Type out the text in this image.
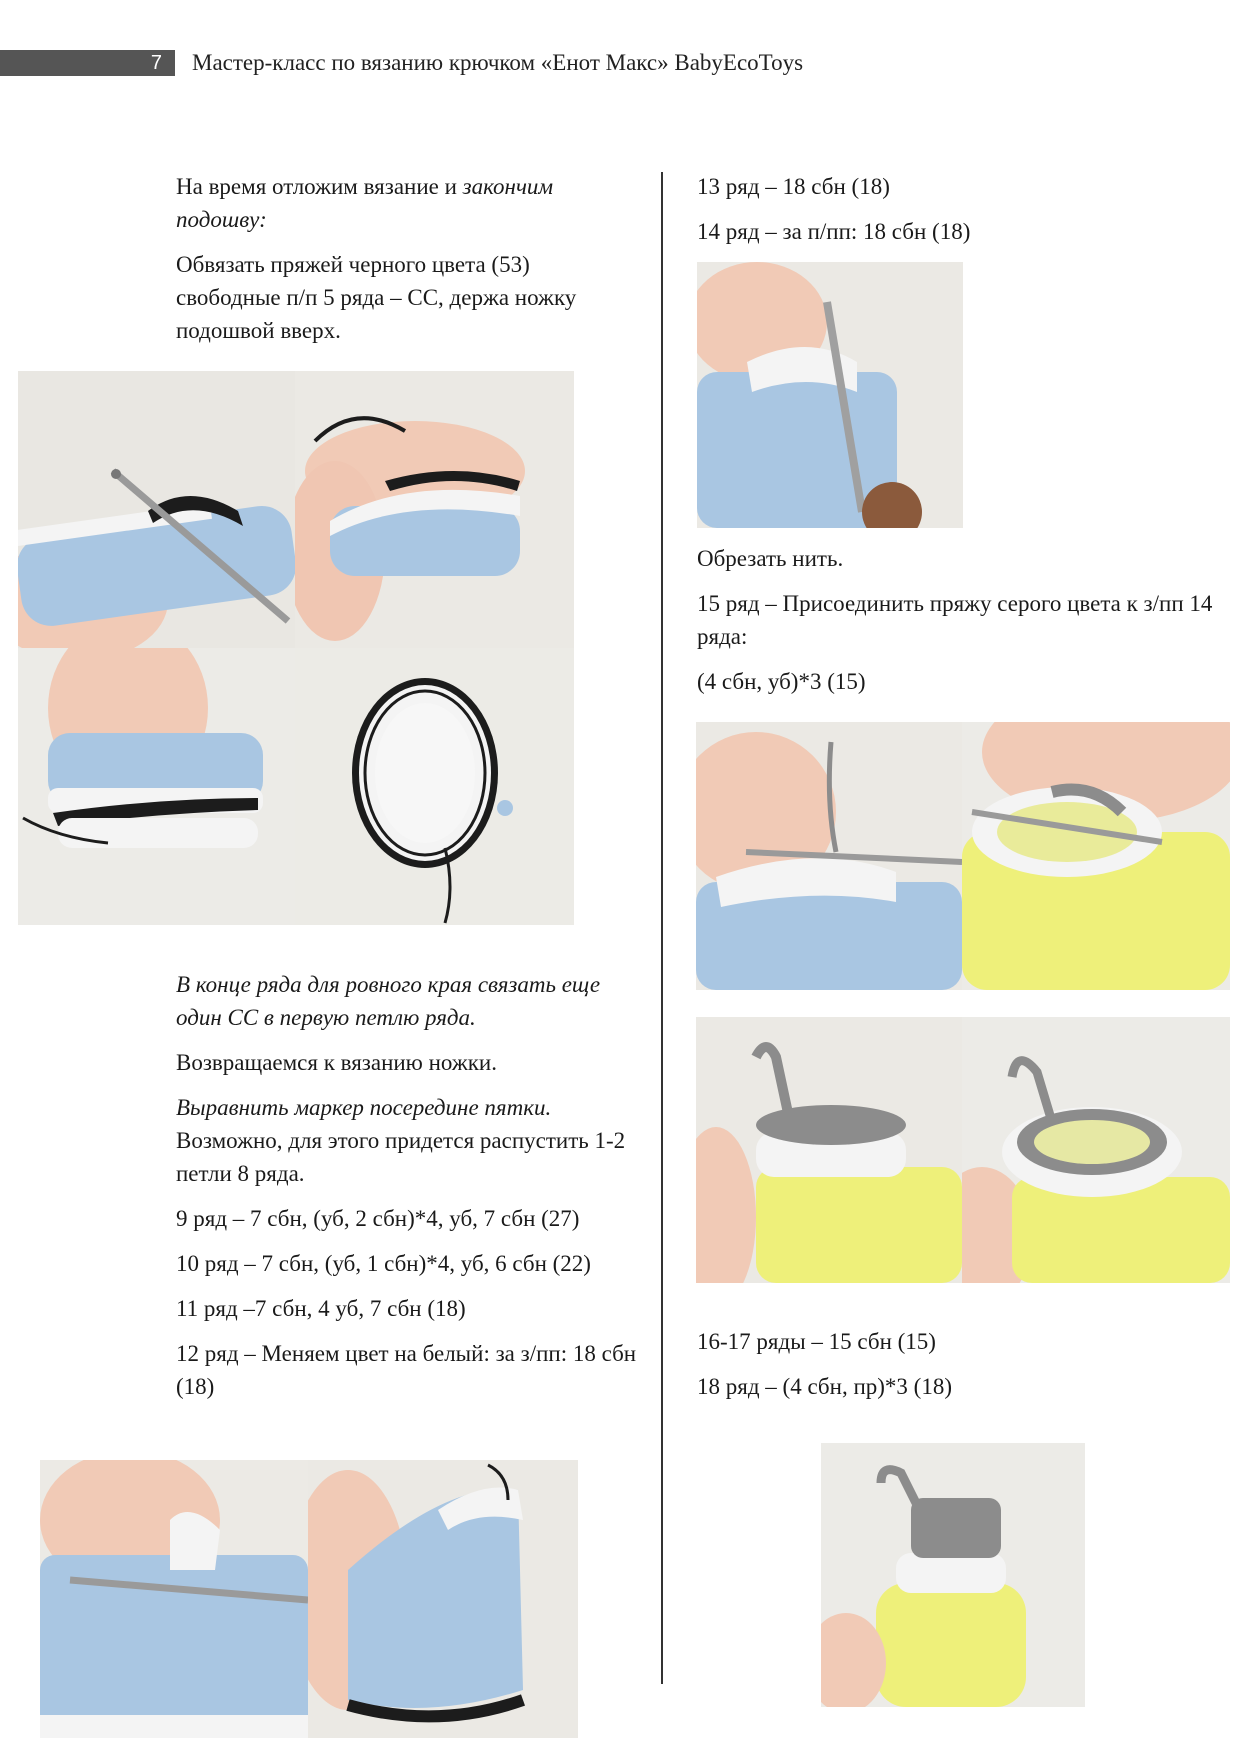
7 Мастер-класс по вязанию крючком «Енот Макс» BabyEcoToys

На время отложим вязание и закончим подошву:

Обвязать пряжей черного цвета (53) свободные п/п 5 ряда – СС, держа ножку подошвой вверх.

В конце ряда для ровного края связать еще один СС в первую петлю ряда.

Возвращаемся к вязанию ножки.

Выравнить маркер посередине пятки. Возможно, для этого придется распустить 1-2 петли 8 ряда.

9 ряд – 7 сбн, (уб, 2 сбн)*4, уб, 7 сбн (27)

10 ряд – 7 сбн, (уб, 1 сбн)*4, уб, 6 сбн (22)

11 ряд –7 сбн, 4 уб, 7 сбн (18)

12 ряд – Меняем цвет на белый: за з/пп: 18 сбн (18)

13 ряд – 18 сбн (18)

14 ряд – за п/пп: 18 сбн (18)

Обрезать нить.

15 ряд – Присоединить пряжу серого цвета к з/пп 14 ряда:

(4 сбн, уб)*3 (15)

16-17 ряды – 15 сбн (15)

18 ряд – (4 сбн, пр)*3 (18)
